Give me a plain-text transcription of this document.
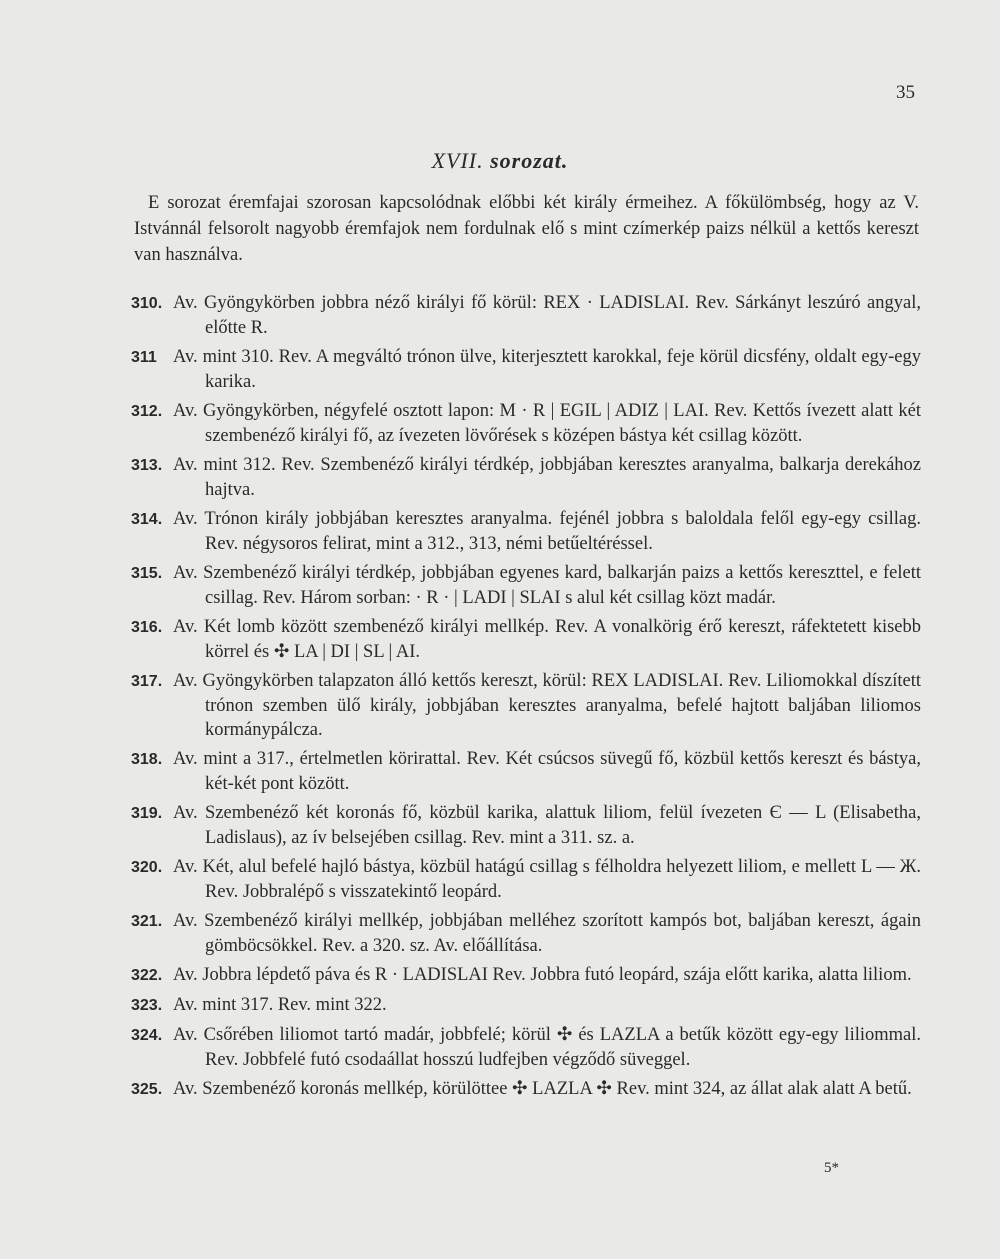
35
XVII. sorozat.

E sorozat éremfajai szorosan kapcsolódnak előbbi két király érmeihez. A főkülömbség, hogy az V. Istvánnál felsorolt nagyobb éremfajok nem fordulnak elő s mint czímerkép paizs nélkül a kettős kereszt van használva.

310. Av. Gyöngykörben jobbra néző királyi fő körül: REX · LADISLAI. Rev. Sárkányt leszúró angyal, előtte R.
311 Av. mint 310. Rev. A megváltó trónon ülve, kiterjesztett karokkal, feje körül dicsfény, oldalt egy-egy karika.
312. Av. Gyöngykörben, négyfelé osztott lapon: M · R | EGIL | ADIZ | LAI. Rev. Kettős ívezett alatt két szembenéző királyi fő, az ívezeten lövőrések s középen bástya két csillag között.
313. Av. mint 312. Rev. Szembenéző királyi térdkép, jobbjában keresztes aranyalma, balkarja derekához hajtva.
314. Av. Trónon király jobbjában keresztes aranyalma. fejénél jobbra s baloldala felől egy-egy csillag. Rev. négysoros felirat, mint a 312., 313, némi betűeltéréssel.
315. Av. Szembenéző királyi térdkép, jobbjában egyenes kard, balkarján paizs a kettős kereszttel, e felett csillag. Rev. Három sorban: · R · | LADI | SLAI s alul két csillag közt madár.
316. Av. Két lomb között szembenéző királyi mellkép. Rev. A vonalkörig érő kereszt, ráfektetett kisebb körrel és ✣ LA | DI | SL | AI.
317. Av. Gyöngykörben talapzaton álló kettős kereszt, körül: REX LADISLAI. Rev. Liliomokkal díszített trónon szemben ülő király, jobbjában keresztes aranyalma, befelé hajtott baljában liliomos kormánypálcza.
318. Av. mint a 317., értelmetlen körirattal. Rev. Két csúcsos süvegű fő, közbül kettős kereszt és bástya, két-két pont között.
319. Av. Szembenéző két koronás fő, közbül karika, alattuk liliom, felül ívezeten Є — L (Elisabetha, Ladislaus), az ív belsejében csillag. Rev. mint a 311. sz. a.
320. Av. Két, alul befelé hajló bástya, közbül hatágú csillag s félholdra helyezett liliom, e mellett L — Ж. Rev. Jobbralépő s visszatekintő leopárd.
321. Av. Szembenéző királyi mellkép, jobbjában melléhez szorított kampós bot, baljában kereszt, ágain gömböcsökkel. Rev. a 320. sz. Av. előállítása.
322. Av. Jobbra lépdető páva és R · LADISLAI Rev. Jobbra futó leopárd, szája előtt karika, alatta liliom.
323. Av. mint 317. Rev. mint 322.
324. Av. Csőrében liliomot tartó madár, jobbfelé; körül ✣ és LAZLA a betűk között egy-egy liliommal. Rev. Jobbfelé futó csodaállat hosszú ludfejben végződő süveggel.
325. Av. Szembenéző koronás mellkép, körülöttee ✣ LAZLA ✣ Rev. mint 324, az állat alak alatt A betű.
5*
